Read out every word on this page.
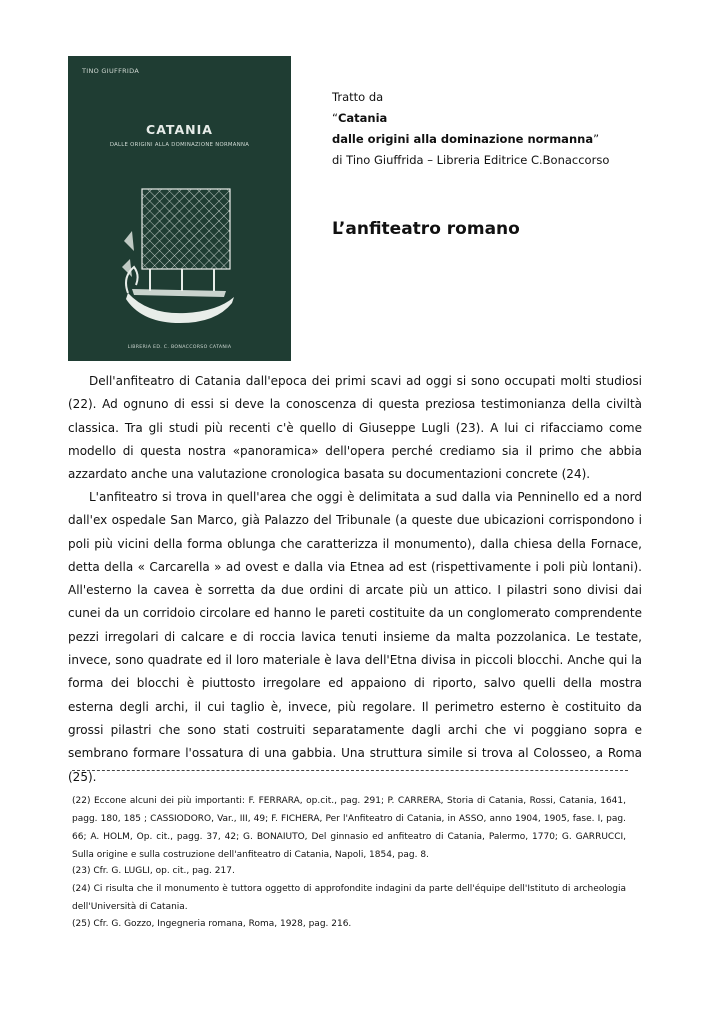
TINO GIUFFRIDA
CATANIA
DALLE ORIGINI ALLA DOMINAZIONE NORMANNA
LIBRERIA ED. C. BONACCORSO CATANIA
Tratto da
“Catania
dalle origini alla dominazione normanna”
di Tino Giuffrida – Libreria Editrice C.Bonaccorso
L’anfiteatro romano

Dell'anfiteatro di Catania dall'epoca dei primi scavi ad oggi si sono occupati molti studiosi (22). Ad ognuno di essi si deve la conoscenza di questa preziosa testimonianza della civiltà classica. Tra gli studi più recenti c'è quello di Giuseppe Lugli (23). A lui ci rifacciamo come modello di questa nostra «panoramica» dell'opera perché crediamo sia il primo che abbia azzardato anche una valutazione cronologica basata su documentazioni concrete (24).

L'anfiteatro si trova in quell'area che oggi è delimitata a sud dalla via Penninello ed a nord dall'ex ospedale San Marco, già Palazzo del Tribunale (a queste due ubicazioni corrispondono i poli più vicini della forma oblunga che caratterizza il monumento), dalla chiesa della Fornace, detta della « Carcarella » ad ovest e dalla via Etnea ad est (rispettivamente i poli più lontani). All'esterno la cavea è sorretta da due ordini di arcate più un attico. I pilastri sono divisi dai cunei da un corridoio circolare ed hanno le pareti costituite da un conglomerato comprendente pezzi irregolari di calcare e di roccia lavica tenuti insieme da malta pozzolanica. Le testate, invece, sono quadrate ed il loro materiale è lava dell'Etna divisa in piccoli blocchi. Anche qui la forma dei blocchi è piuttosto irregolare ed appaiono di riporto, salvo quelli della mostra esterna degli archi, il cui taglio è, invece, più regolare. Il perimetro esterno è costituito da grossi pilastri che sono stati costruiti separatamente dagli archi che vi poggiano sopra e sembrano formare l'ossatura di una gabbia. Una struttura simile si trova al Colosseo, a Roma (25).

(22) Eccone alcuni dei più importanti: F. FERRARA, op.cit., pag. 291; P. CARRERA, Storia di Catania, Rossi, Catania, 1641, pagg. 180, 185 ; CASSIODORO, Var., III, 49; F. FICHERA, Per l'Anfiteatro di Catania, in ASSO, anno 1904, 1905, fase. I, pag. 66; A. HOLM, Op. cit., pagg. 37, 42; G. BONAIUTO, Del ginnasio ed anfiteatro di Catania, Palermo, 1770; G. GARRUCCI, Sulla origine e sulla costruzione dell'anfiteatro di Catania, Napoli, 1854, pag. 8.

(23) Cfr. G. LUGLI, op. cit., pag. 217.

(24) Ci risulta che il monumento è tuttora oggetto di approfondite indagini da parte dell'équipe dell'Istituto di archeologia dell'Università di Catania.

(25) Cfr. G. Gozzo, Ingegneria romana, Roma, 1928, pag. 216.
